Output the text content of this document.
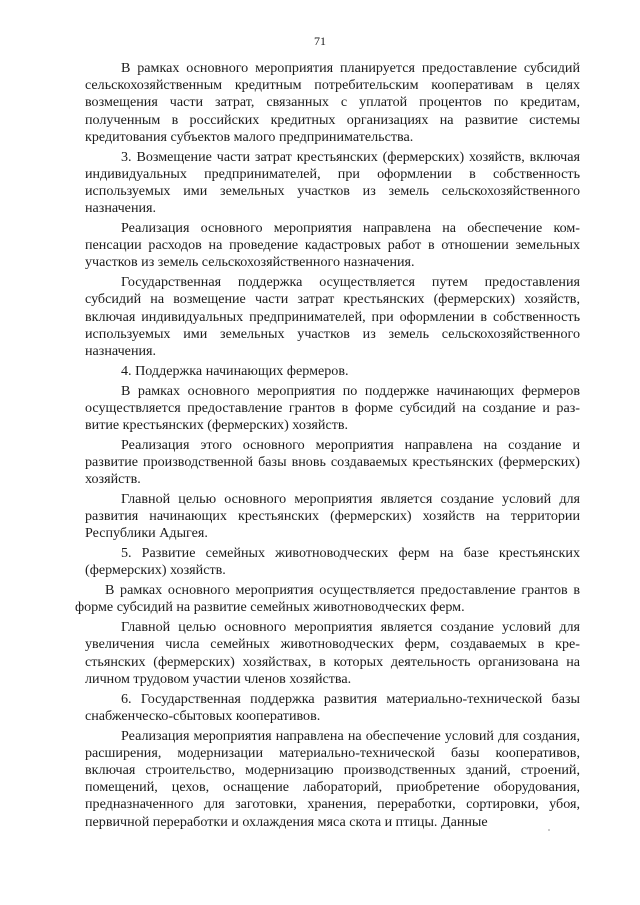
71

В рамках основного мероприятия планируется предоставление субсидий сельскохозяйственным кредитным потребительским кооперативам в целях возмещения части затрат, связанных с уплатой процентов по кредитам, полученным в российских кредитных организациях на развитие системы кредитования субъектов малого предпринимательства.

3. Возмещение части затрат крестьянских (фермерских) хозяйств, включая индивидуальных предпринимателей, при оформлении в собственность используемых ими земельных участков из земель сельскохозяйственного назначения.

Реализация основного мероприятия направлена на обеспечение компенсации расходов на проведение кадастровых работ в отношении земельных участков из земель сельскохозяйственного назначения.

Государственная поддержка осуществляется путем предоставления субсидий на возмещение части затрат крестьянских (фермерских) хозяйств, включая индивидуальных предпринимателей, при оформлении в собственность используемых ими земельных участков из земель сельскохозяйственного назначения.

4. Поддержка начинающих фермеров.

В рамках основного мероприятия по поддержке начинающих фермеров осуществляется предоставление грантов в форме субсидий на создание и развитие крестьянских (фермерских) хозяйств.

Реализация этого основного мероприятия направлена на создание и развитие производственной базы вновь создаваемых крестьянских (фермерских) хозяйств.

Главной целью основного мероприятия является создание условий для развития начинающих крестьянских (фермерских) хозяйств на территории Республики Адыгея.

5. Развитие семейных животноводческих ферм на базе крестьянских (фермерских) хозяйств.

В рамках основного мероприятия осуществляется предоставление грантов в форме субсидий на развитие семейных животноводческих ферм.

Главной целью основного мероприятия является создание условий для увеличения числа семейных животноводческих ферм, создаваемых в крестьянских (фермерских) хозяйствах, в которых деятельность организована на личном трудовом участии членов хозяйства.

6. Государственная поддержка развития материально-технической базы снабженческо-сбытовых кооперативов.

Реализация мероприятия направлена на обеспечение условий для создания, расширения, модернизации материально-технической базы кооперативов, включая строительство, модернизацию производственных зданий, строений, помещений, цехов, оснащение лабораторий, приобретение оборудования, предназначенного для заготовки, хранения, переработки, сортировки, убоя, первичной переработки и охлаждения мяса скота и птицы. Данные
